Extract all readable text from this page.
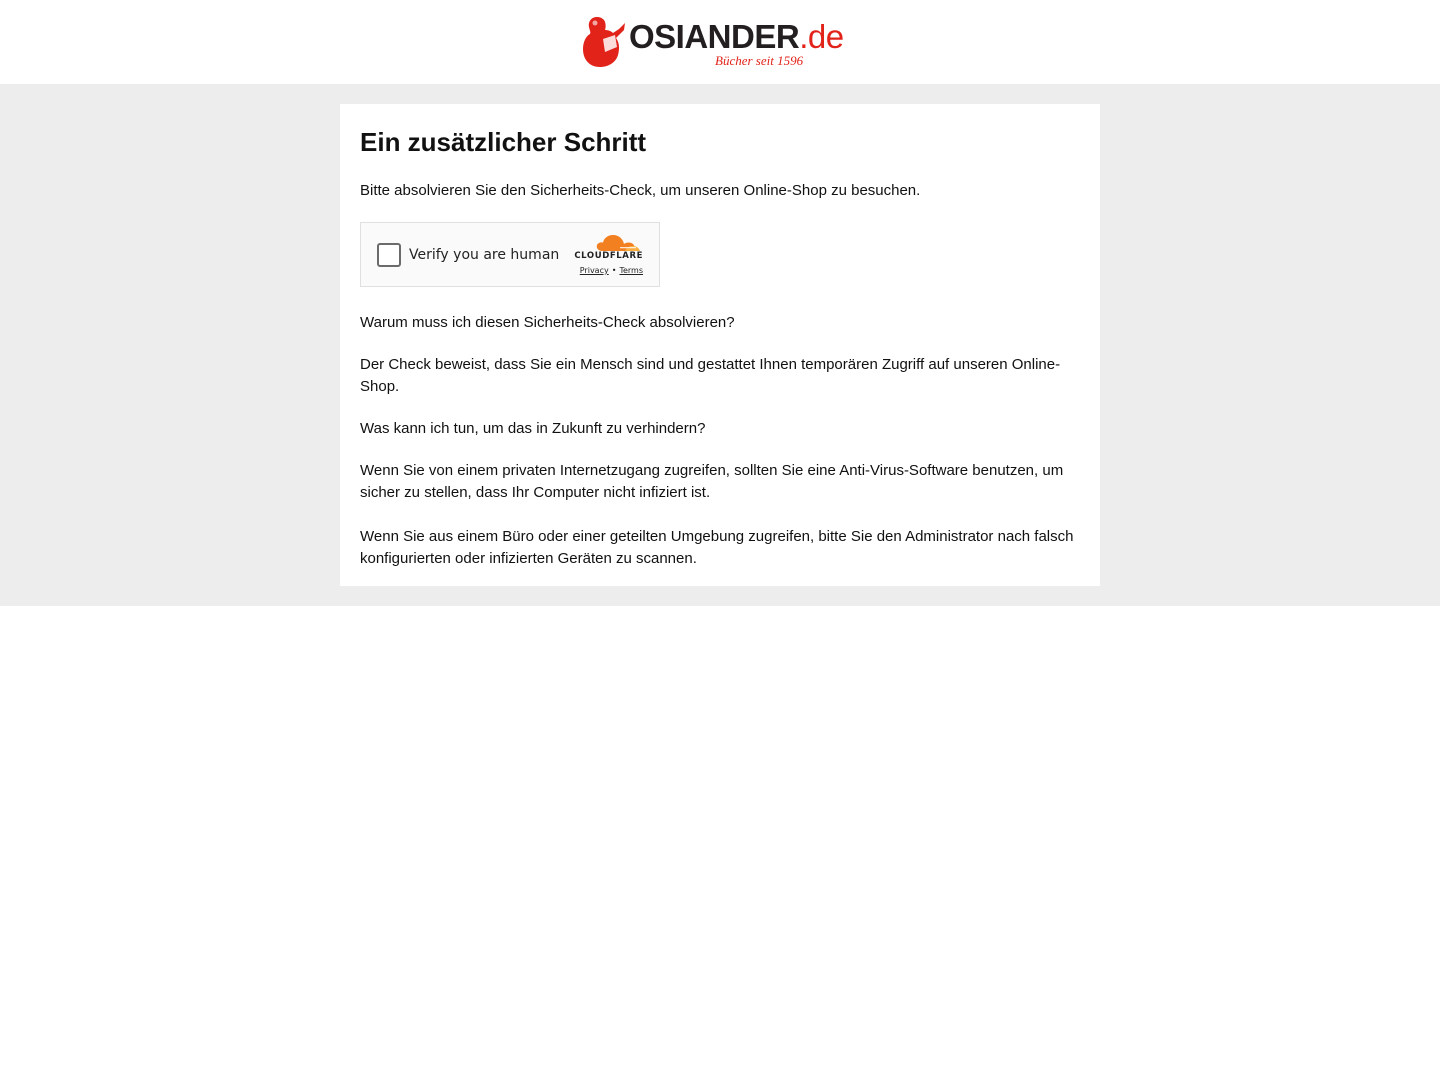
OSIANDER.de
Bücher seit 1596
Ein zusätzlicher Schritt

Bitte absolvieren Sie den Sicherheits-Check, um unseren Online-Shop zu besuchen.

Verify you are human	CLOUDFLARE
Privacy • Terms

Warum muss ich diesen Sicherheits-Check absolvieren?

Der Check beweist, dass Sie ein Mensch sind und gestattet Ihnen temporären Zugriff auf unseren Online-Shop.

Was kann ich tun, um das in Zukunft zu verhindern?

Wenn Sie von einem privaten Internetzugang zugreifen, sollten Sie eine Anti-Virus-Software benutzen, um sicher zu stellen, dass Ihr Computer nicht infiziert ist.

Wenn Sie aus einem Büro oder einer geteilten Umgebung zugreifen, bitte Sie den Administrator nach falsch konfigurierten oder infizierten Geräten zu scannen.
